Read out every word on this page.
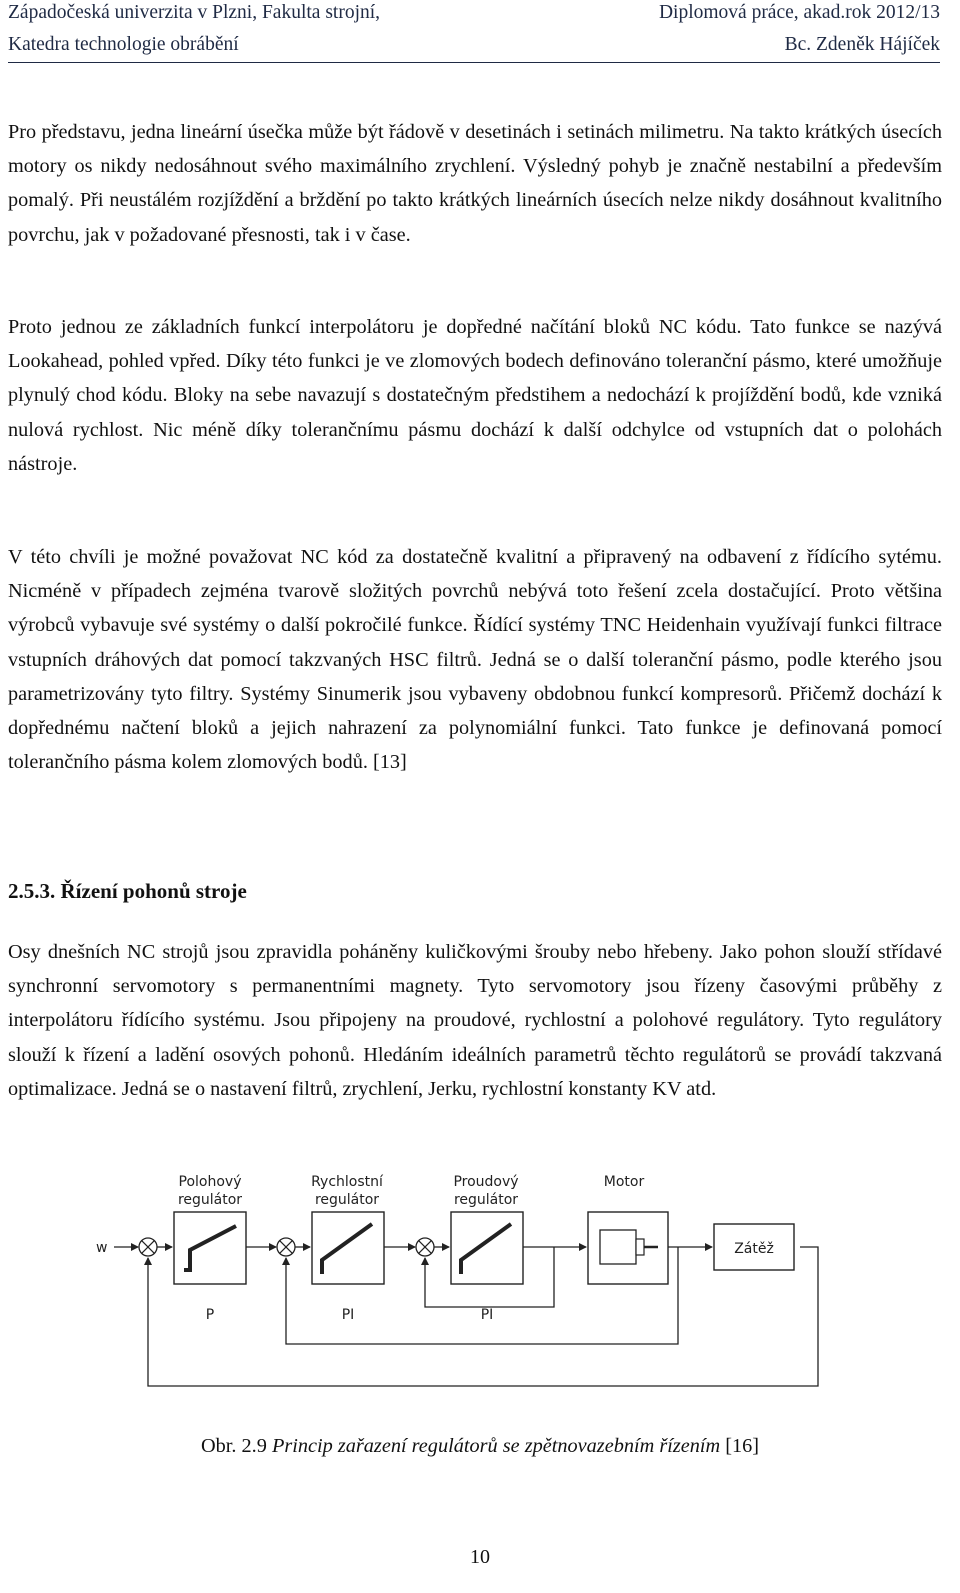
Západočeská univerzita v Plzni, Fakulta strojní,	Diplomová práce, akad.rok 2012/13
Katedra technologie obrábění	Bc. Zdeněk Hájíček

Pro představu, jedna lineární úsečka může být řádově v desetinách i setinách milimetru. Na takto krátkých úsecích motory os nikdy nedosáhnout svého maximálního zrychlení. Výsledný pohyb je značně nestabilní a především pomalý. Při neustálém rozjíždění a brždění po takto krátkých lineárních úsecích nelze nikdy dosáhnout kvalitního povrchu, jak v požadované přesnosti, tak i v čase.

Proto jednou ze základních funkcí interpolátoru je dopředné načítání bloků NC kódu. Tato funkce se nazývá Lookahead, pohled vpřed. Díky této funkci je ve zlomových bodech definováno toleranční pásmo, které umožňuje plynulý chod kódu. Bloky na sebe navazují s dostatečným předstihem a nedochází k projíždění bodů, kde vzniká nulová rychlost. Nic méně díky tolerančnímu pásmu dochází k další odchylce od vstupních dat o polohách nástroje.

V této chvíli je možné považovat NC kód za dostatečně kvalitní a připravený na odbavení z řídícího sytému. Nicméně v případech zejména tvarově složitých povrchů nebývá toto řešení zcela dostačující. Proto většina výrobců vybavuje své systémy o další pokročilé funkce. Řídící systémy TNC Heidenhain využívají funkci filtrace vstupních dráhových dat pomocí takzvaných HSC filtrů. Jedná se o další toleranční pásmo, podle kterého jsou parametrizovány tyto filtry. Systémy Sinumerik jsou vybaveny obdobnou funkcí kompresorů. Přičemž dochází k dopřednému načtení bloků a jejich nahrazení za polynomiální funkci. Tato funkce je definovaná pomocí tolerančního pásma kolem zlomových bodů. [13]

2.5.3. Řízení pohonů stroje

Osy dnešních NC strojů jsou zpravidla poháněny kuličkovými šrouby nebo hřebeny. Jako pohon slouží střídavé synchronní servomotory s permanentními magnety. Tyto servomotory jsou řízeny časovými průběhy z interpolátoru řídícího systému. Jsou připojeny na proudové, rychlostní a polohové regulátory. Tyto regulátory slouží k řízení a ladění osových pohonů. Hledáním ideálních parametrů těchto regulátorů se provádí takzvaná optimalizace. Jedná se o nastavení filtrů, zrychlení, Jerku, rychlostní konstanty KV atd.

Polohový
regulátor
Rychlostní
regulátor
Proudový
regulátor
Motor
w	Zátěž
P	PI	PI
Obr. 2.9 Princip zařazení regulátorů se zpětnovazebním řízením [16]
10
